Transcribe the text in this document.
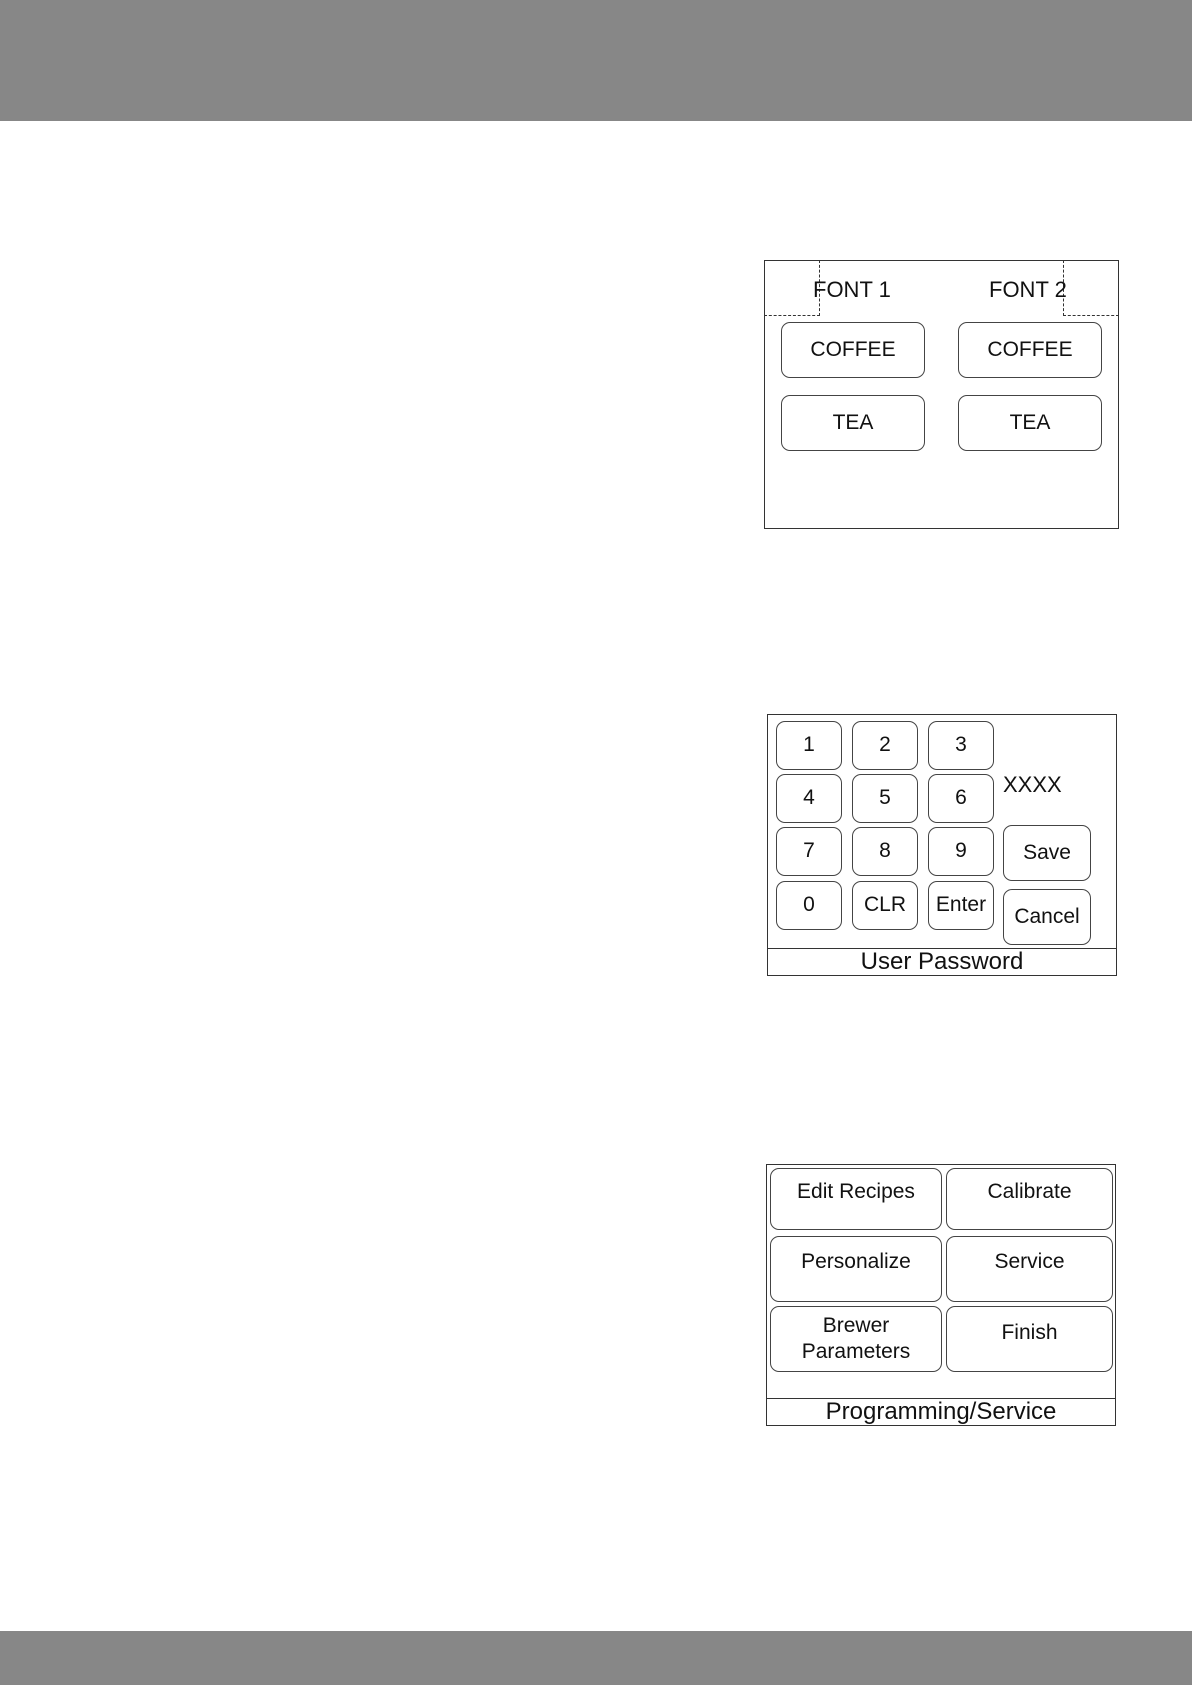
FONT 1	FONT 2
COFFEE
TEA
COFFEE
TEA
1	2	3
4	5	6
7	8	9
0	CLR	Enter
XXXX
Save
Cancel
User Password
Edit Recipes	Calibrate
Personalize	Service
Brewer
Parameters
Finish
Programming/Service
